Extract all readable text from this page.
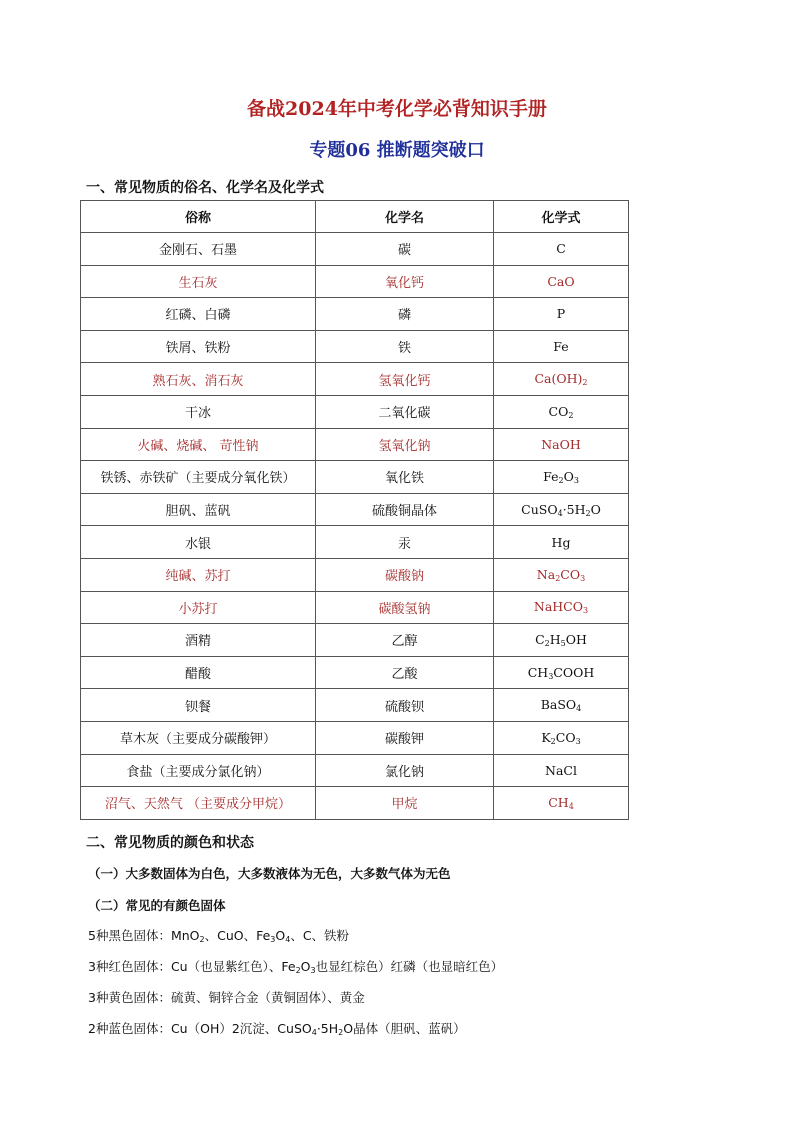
备战2024年中考化学必背知识手册
专题06 推断题突破口
一、常见物质的俗名、化学名及化学式
俗称	化学名	化学式
金刚石、石墨	碳	C
生石灰	氧化钙	CaO
红磷、白磷	磷	P
铁屑、铁粉	铁	Fe
熟石灰、消石灰	氢氧化钙	$Ca(OH)_2$
干冰	二氧化碳	$CO_2$
火碱、烧碱、 苛性钠	氢氧化钠	NaOH
铁锈、赤铁矿（主要成分氧化铁）	氧化铁	$Fe_2O_3$
胆矾、蓝矾	硫酸铜晶体	$CuSO_4\cdot 5H_2O$
水银	汞	Hg
纯碱、苏打	碳酸钠	$Na_2CO_3$
小苏打	碳酸氢钠	NaHCO$_3$
酒精	乙醇	$C_2H_5OH$
醋酸	乙酸	$CH_3COOH$
钡餐	硫酸钡	BaSO$_4$
草木灰（主要成分碳酸钾）	碳酸钾	$K_2CO_3$
食盐（主要成分氯化钠）	氯化钠	NaCl
沼气、天然气 （主要成分甲烷）	甲烷	$CH_4$
二、常见物质的颜色和状态
（一）大多数固体为白色，大多数液体为无色，大多数气体为无色
（二）常见的有颜色固体
5种黑色固体：MnO$_2$、CuO、$Fe_3O_4$、C、铁粉
3种红色固体：Cu（也显紫红色）、$Fe_2O_3$也显红棕色）红磷（也显暗红色）
3种黄色固体：硫黄、铜锌合金（黄铜固体）、黄金
2种蓝色固体：Cu（OH）2沉淀、$CuSO_4\cdot 5H_2O$晶体（胆矾、蓝矾）
